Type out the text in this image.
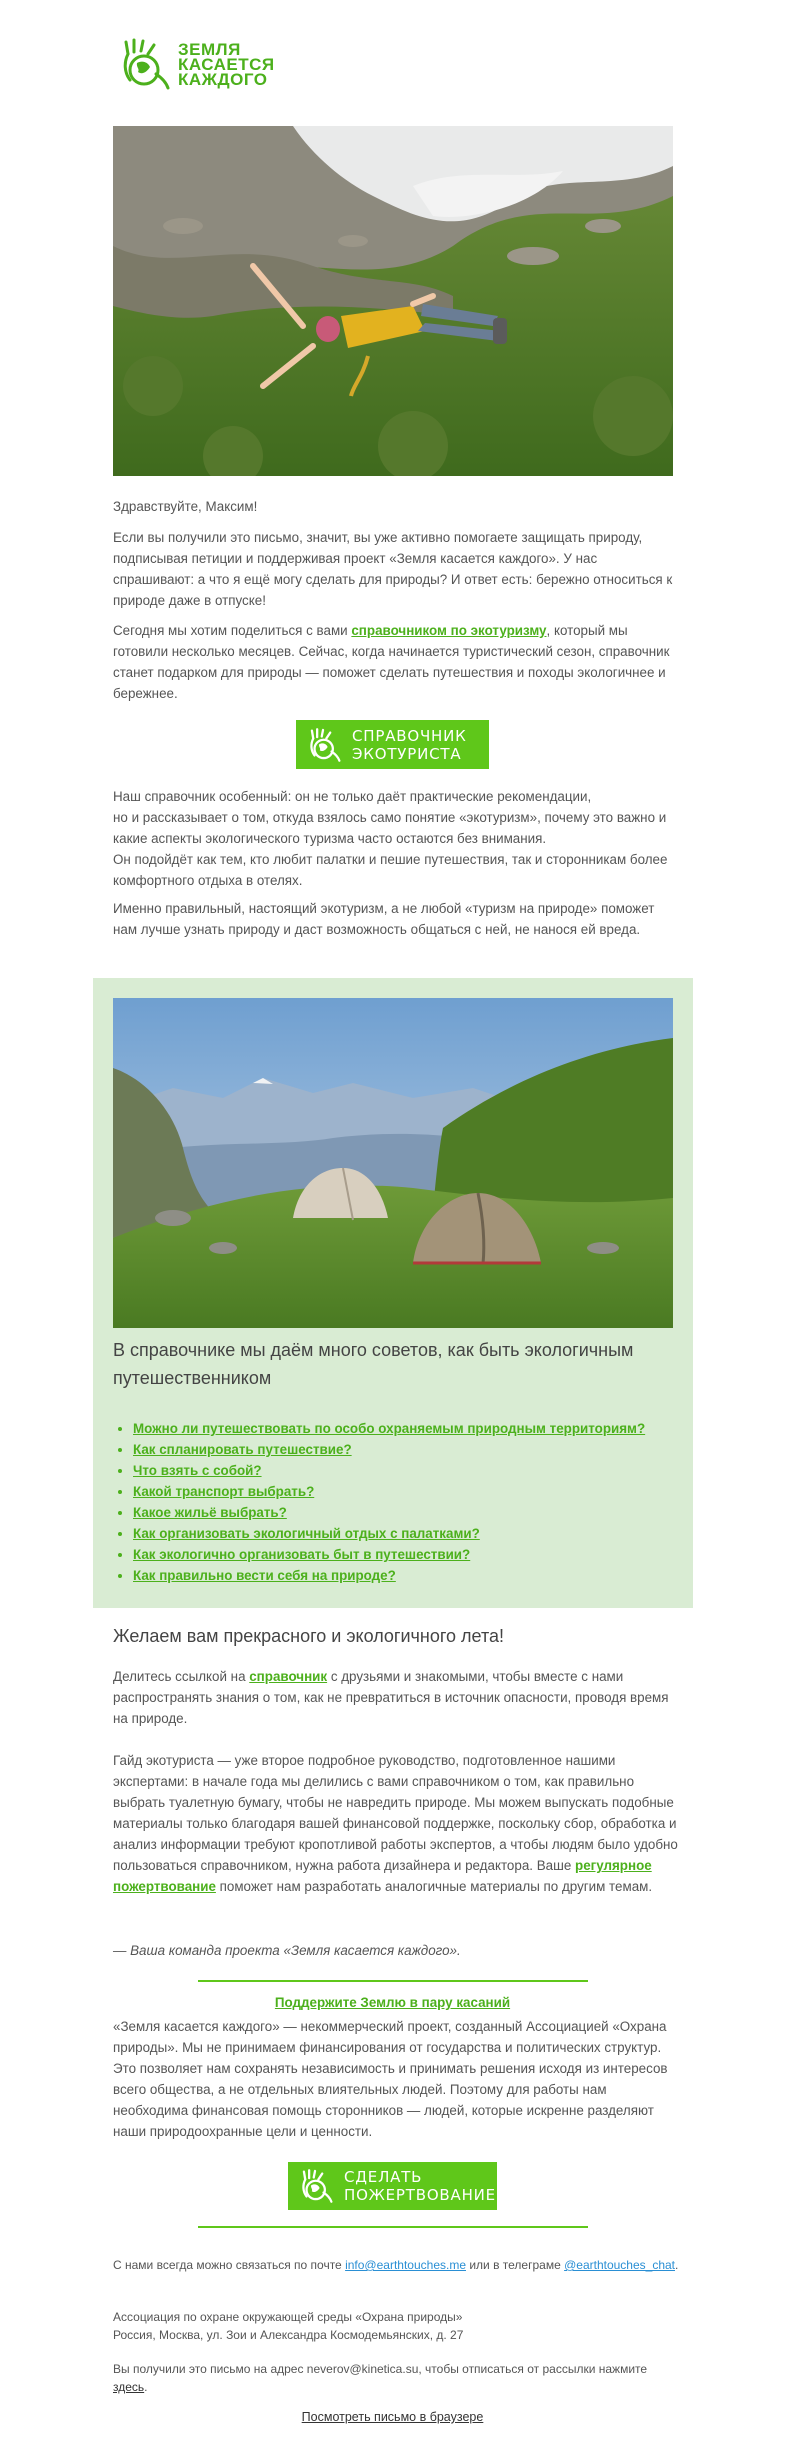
ЗЕМЛЯ
КАСАЕТСЯ
КАЖДОГО

Здравствуйте, Максим!

Если вы получили это письмо, значит, вы уже активно помогаете защищать природу, подписывая петиции и поддерживая проект «Земля касается каждого». У нас спрашивают: а что я ещё могу сделать для природы? И ответ есть: бережно относиться к природе даже в отпуске!

Сегодня мы хотим поделиться с вами справочником по экотуризму, который мы готовили несколько месяцев. Сейчас, когда начинается туристический сезон, справочник станет подарком для природы — поможет сделать путешествия и походы экологичнее и бережнее.

СПРАВОЧНИК
ЭКОТУРИСТА

Наш справочник особенный: он не только даёт практические рекомендации,
но и рассказывает о том, откуда взялось само понятие «экотуризм», почему это важно и какие аспекты экологического туризма часто остаются без внимания.
Он подойдёт как тем, кто любит палатки и пешие путешествия, так и сторонникам более комфортного отдыха в отелях.

Именно правильный, настоящий экотуризм, а не любой «туризм на природе» поможет нам лучше узнать природу и даст возможность общаться с ней, не нанося ей вреда.

В справочнике мы даём много советов, как быть экологичным путешественником

• Можно ли путешествовать по особо охраняемым природным территориям?
• Как спланировать путешествие?
• Что взять с собой?
• Какой транспорт выбрать?
• Какое жильё выбрать?
• Как организовать экологичный отдых с палатками?
• Как экологично организовать быт в путешествии?
• Как правильно вести себя на природе?

Желаем вам прекрасного и экологичного лета!

Делитесь ссылкой на справочник с друзьями и знакомыми, чтобы вместе с нами распространять знания о том, как не превратиться в источник опасности, проводя время на природе.

Гайд экотуриста — уже второе подробное руководство, подготовленное нашими экспертами: в начале года мы делились с вами справочником о том, как правильно выбрать туалетную бумагу, чтобы не навредить природе. Мы можем выпускать подобные материалы только благодаря вашей финансовой поддержке, поскольку сбор, обработка и анализ информации требуют кропотливой работы экспертов, а чтобы людям было удобно пользоваться справочником, нужна работа дизайнера и редактора. Ваше регулярное пожертвование поможет нам разработать аналогичные материалы по другим темам.

— Ваша команда проекта «Земля касается каждого».

Поддержите Землю в пару касаний

«Земля касается каждого» — некоммерческий проект, созданный Ассоциацией «Охрана природы». Мы не принимаем финансирования от государства и политических структур. Это позволяет нам сохранять независимость и принимать решения исходя из интересов всего общества, а не отдельных влиятельных людей. Поэтому для работы нам необходима финансовая помощь сторонников — людей, которые искренне разделяют наши природоохранные цели и ценности.

СДЕЛАТЬ
ПОЖЕРТВОВАНИЕ

С нами всегда можно связаться по почте info@earthtouches.me или в телеграме @earthtouches_chat.

Ассоциация по охране окружающей среды «Охрана природы»
Россия, Москва, ул. Зои и Александра Космодемьянских, д. 27

Вы получили это письмо на адрес neverov@kineticа.su, чтобы отписаться от рассылки нажмите здесь.

Посмотреть письмо в браузере
